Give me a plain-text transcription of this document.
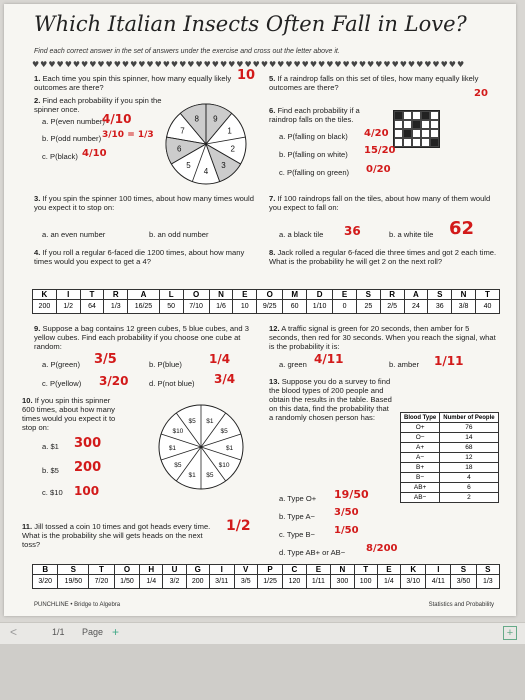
Which Italian Insects Often Fall in Love?
Find each correct answer in the set of answers under the exercise and cross out the letter above it.
♥♥♥♥♥♥♥♥♥♥♥♥♥♥♥♥♥♥♥♥♥♥♥♥♥♥♥♥♥♥♥♥♥♥♥♥♥♥♥♥♥♥♥♥♥♥♥♥♥♥♥♥♥
1. Each time you spin this spinner, how many equally likely outcomes are there?
10
2. Find each probability if you spin the spinner once.
a. P(even number)
4/10
b. P(odd number) 3/10 = 1/3
c. P(black) 4/10
9
1
2
3
4
5
6
7
8
3. If you spin the spinner 100 times, about how many times would you expect it to stop on:
a. an even number	b. an odd number
4. If you roll a regular 6-faced die 1200 times, about how many times would you expect to get a 4?
5. If a raindrop falls on this set of tiles, how many equally likely outcomes are there?
20
6. Find each probability if a raindrop falls on the tiles.
a. P(falling on black) 4/20
b. P(falling on white) 15/20
c. P(falling on green) 0/20
7. If 100 raindrops fall on the tiles, about how many of them would you expect to fall on:
a. a black tile 36	b. a white tile 62
8. Jack rolled a regular 6-faced die three times and got 2 each time. What is the probability he will get 2 on the next roll?
K	I	T	R	A	L	O	N	E	O	M	D	E	S	R	A	S	N	T
200	1/2	64	1/3	16/25	50	7/10	1/6	10	9/25	60	1/10	0	25	2/5	24	36	3/8	40
9. Suppose a bag contains 12 green cubes, 5 blue cubes, and 3 yellow cubes. Find each probability if you choose one cube at random:
a. P(green) 3/5	b. P(blue) 1/4
c. P(yellow) 3/20	d. P(not blue) 3/4
10. If you spin this spinner 600 times, about how many times would you expect it to stop on:
a. $1 300
b. $5 200
c. $10 100
$1
$5
$1
$10
$5
$1
$5
$1
$10
$5
11. Jill tossed a coin 10 times and got heads every time. What is the probability she will gets heads on the next toss?
1/2
12. A traffic signal is green for 20 seconds, then amber for 5 seconds, then red for 30 seconds. When you reach the signal, what is the probability it is:
a. green 4/11	b. amber 1/11
13. Suppose you do a survey to find the blood types of 200 people and obtain the results in the table. Based on this data, find the probability that a randomly chosen person has:	Blood Type	Number of People
O+	76
O−	14
A+	68
A−	12
B+	18
B−	4
AB+	6
AB−	2
a. Type O+ 19/50
b. Type A− 3/50
c. Type B− 1/50
d. Type AB+ or AB− 8/200
B	S	T	O	H	U	G	I	V	P	C	E	N	T	E	K	I	S	S
3/20	19/50	7/20	1/50	1/4	3/2	200	3/11	3/5	1/25	120	1/11	300	100	1/4	3/10	4/11	3/50	1/3
PUNCHLINE • Bridge to Algebra	Statistics and Probability
<	1/1 Page +	+
